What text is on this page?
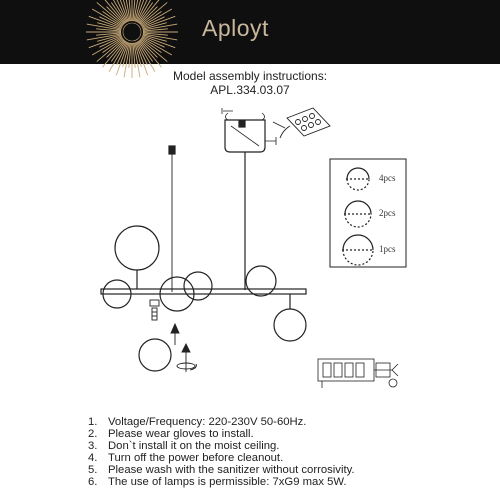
Aployt
Model assembly instructions:
APL.334.03.07
4pcs
2pcs
1pcs
1. Voltage/Frequency: 220-230V 50-60Hz.
2. Please wear gloves to install.
3. Don`t install it on the moist ceiling.
4. Turn off the power before cleanout.
5. Please wash with the sanitizer without corrosivity.
6. The use of lamps is permissible: 7xG9 max 5W.
